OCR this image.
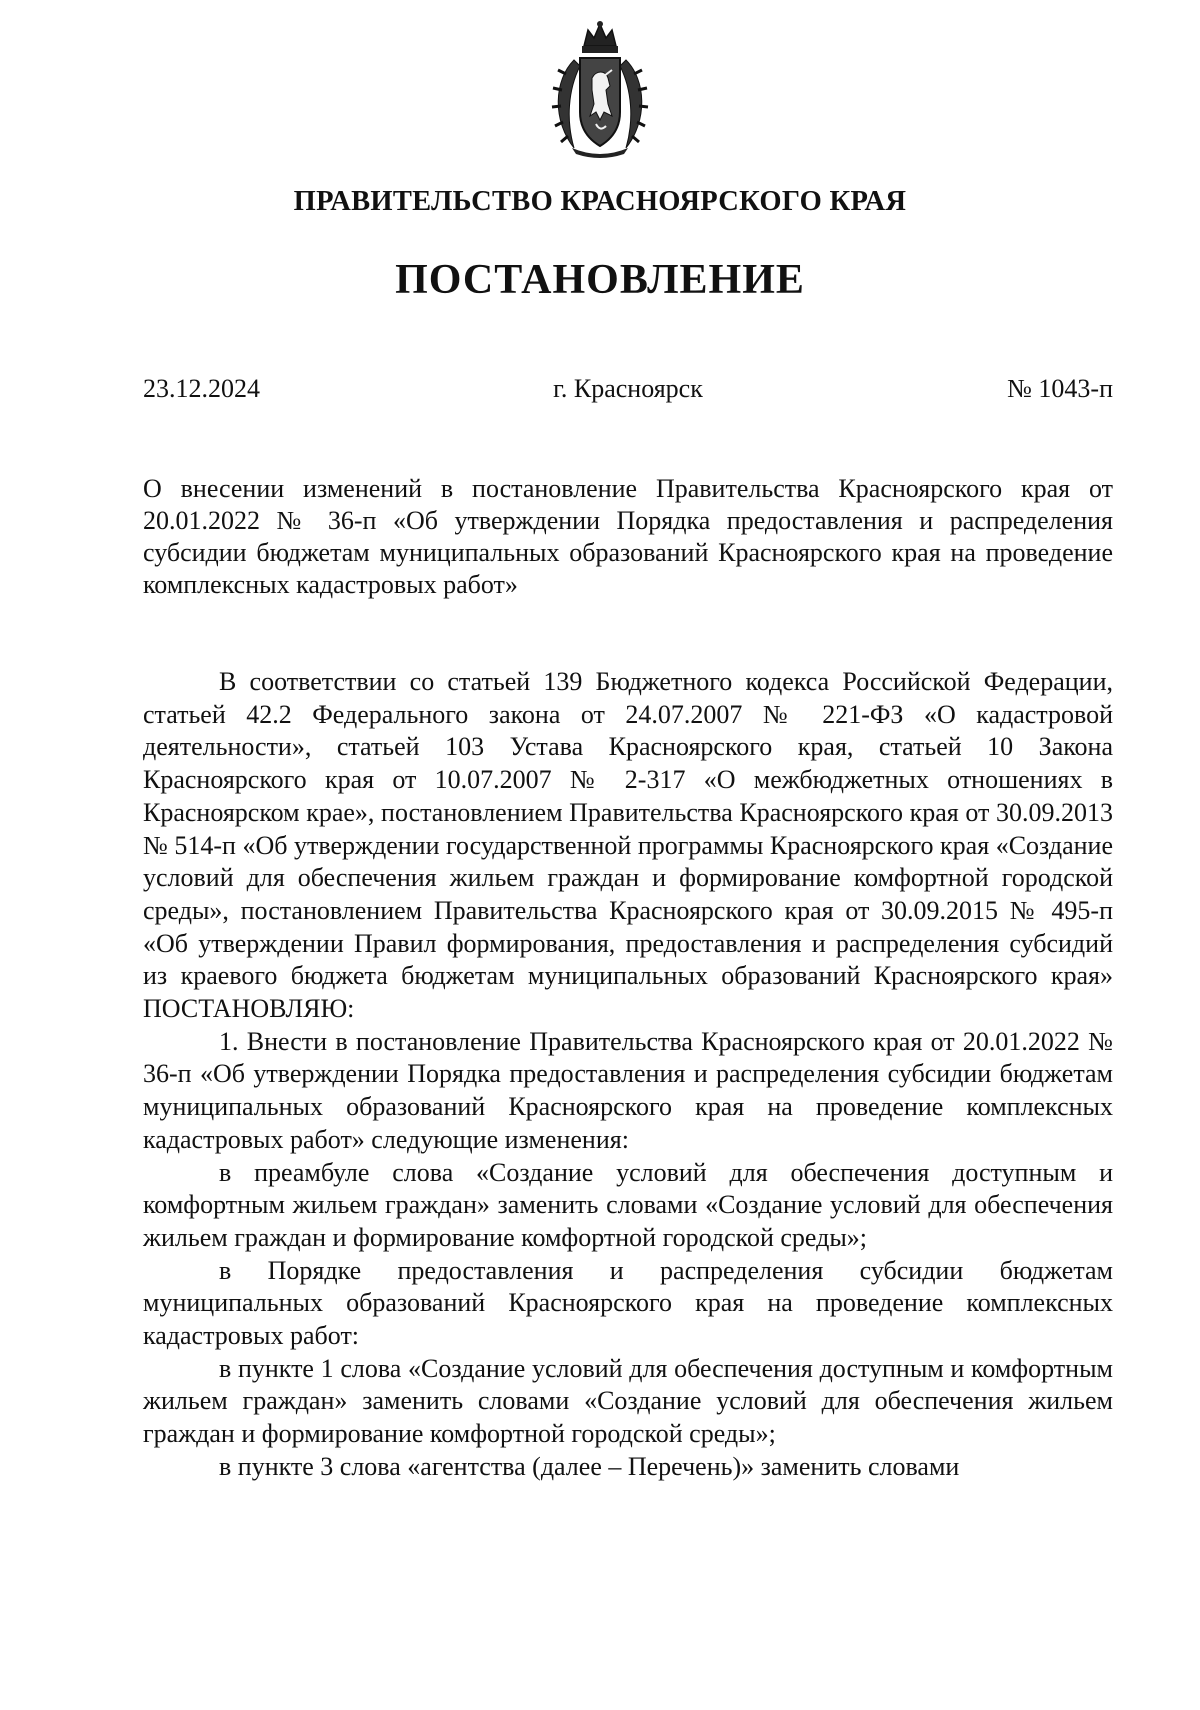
ПРАВИТЕЛЬСТВО КРАСНОЯРСКОГО КРАЯ
ПОСТАНОВЛЕНИЕ
23.12.2024	г. Красноярск	№ 1043-п
О внесении изменений в постановление Правительства Красноярского края от 20.01.2022 № 36-п «Об утверждении Порядка предоставления и распределения субсидии бюджетам муниципальных образований Красноярского края на проведение комплексных кадастровых работ»

В соответствии со статьей 139 Бюджетного кодекса Российской Федерации, статьей 42.2 Федерального закона от 24.07.2007 № 221-ФЗ «О кадастровой деятельности», статьей 103 Устава Красноярского края, статьей 10 Закона Красноярского края от 10.07.2007 № 2-317 «О межбюджетных отношениях в Красноярском крае», постановлением Правительства Красноярского края от 30.09.2013 № 514-п «Об утверждении государственной программы Красноярского края «Создание условий для обеспечения жильем граждан и формирование комфортной городской среды», постановлением Правительства Красноярского края от 30.09.2015 № 495-п «Об утверждении Правил формирования, предоставления и распределения субсидий из краевого бюджета бюджетам муниципальных образований Красноярского края» ПОСТАНОВЛЯЮ:

1. Внести в постановление Правительства Красноярского края от 20.01.2022 № 36-п «Об утверждении Порядка предоставления и распределения субсидии бюджетам муниципальных образований Красноярского края на проведение комплексных кадастровых работ» следующие изменения:

в преамбуле слова «Создание условий для обеспечения доступным и комфортным жильем граждан» заменить словами «Создание условий для обеспечения жильем граждан и формирование комфортной городской среды»;

в Порядке предоставления и распределения субсидии бюджетам муниципальных образований Красноярского края на проведение комплексных кадастровых работ:

в пункте 1 слова «Создание условий для обеспечения доступным и комфортным жильем граждан» заменить словами «Создание условий для обеспечения жильем граждан и формирование комфортной городской среды»;

в пункте 3 слова «агентства (далее – Перечень)» заменить словами
